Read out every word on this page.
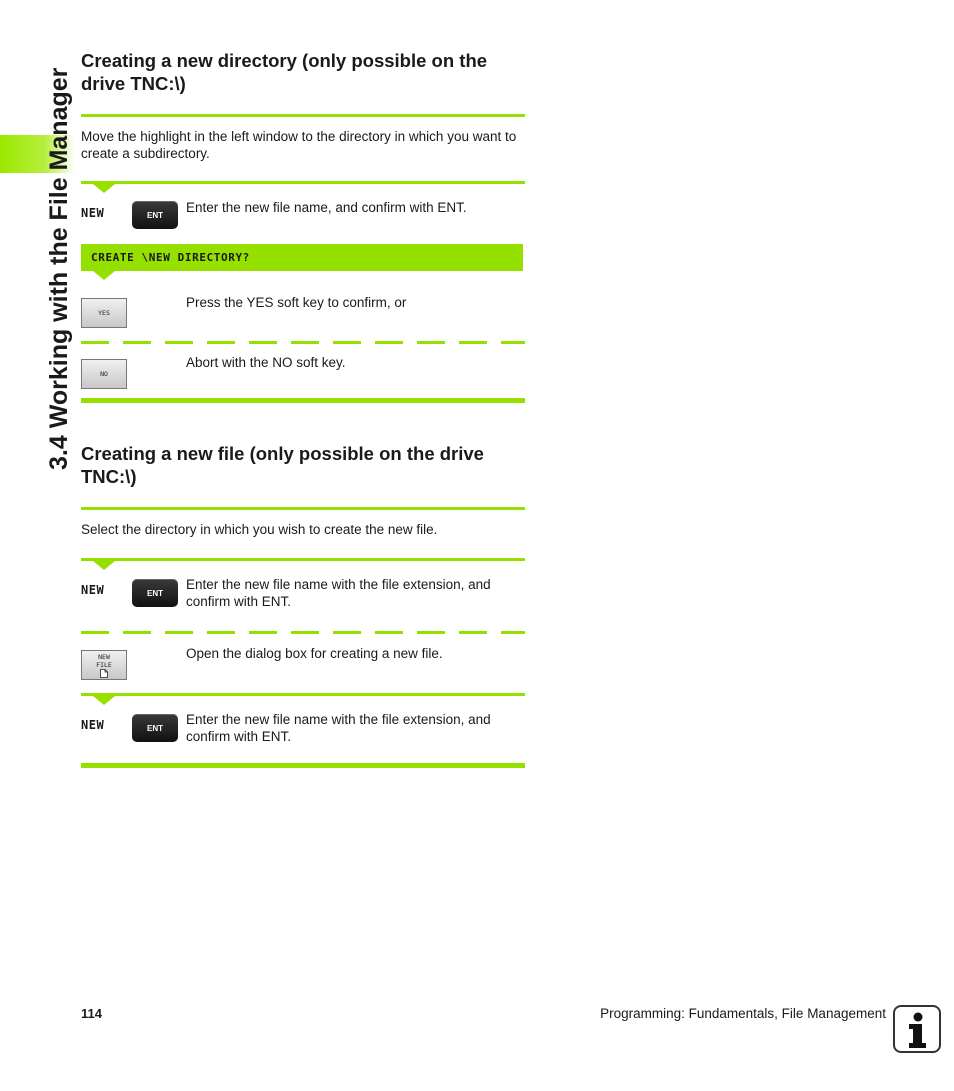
3.4 Working with the File Manager
Creating a new directory (only possible on the drive TNC:\)
Move the highlight in the left window to the directory in which you want to create a subdirectory.
NEW	ENT	Enter the new file name, and confirm with ENT.
CREATE \NEW DIRECTORY?
YES
Press the YES soft key to confirm, or
NO
Abort with the NO soft key.
Creating a new file (only possible on the drive TNC:\)
Select the directory in which you wish to create the new file.
NEW	ENT
Enter the new file name with the file extension, and confirm with ENT.
NEW
FILE
Open the dialog box for creating a new file.
NEW	ENT
Enter the new file name with the file extension, and confirm with ENT.
114	Programming: Fundamentals, File Management
